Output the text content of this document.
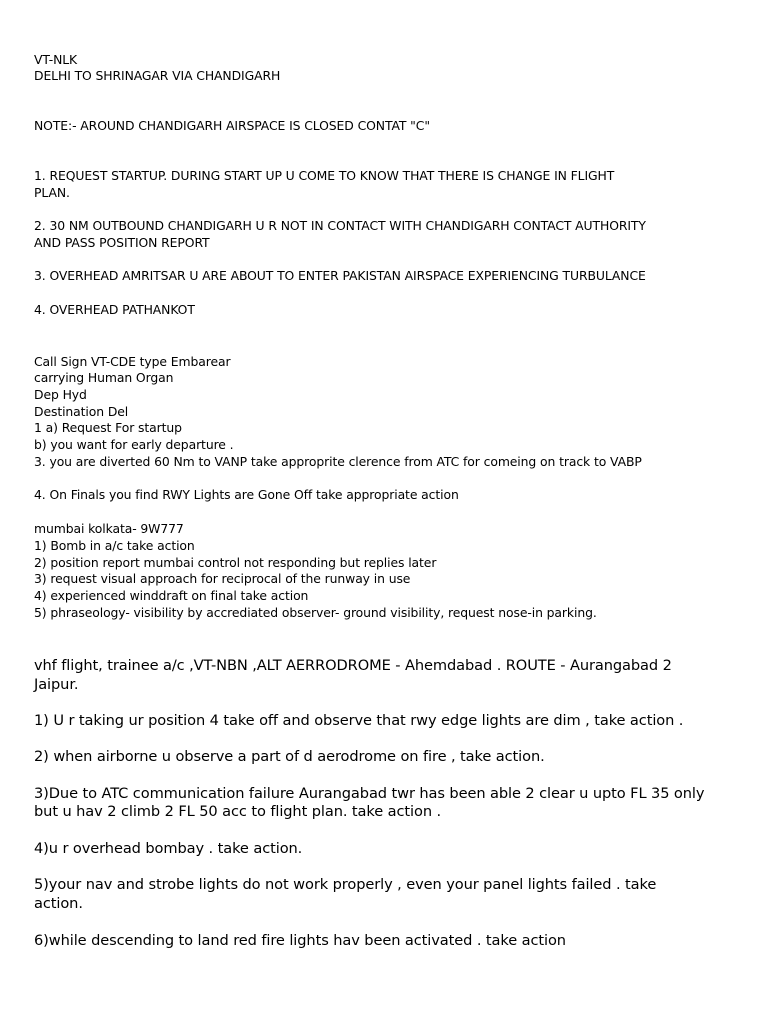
VT-NLK
DELHI TO SHRINAGAR VIA CHANDIGARH
NOTE:- AROUND CHANDIGARH AIRSPACE IS CLOSED CONTAT "C"
1. REQUEST STARTUP. DURING START UP U COME TO KNOW THAT THERE IS CHANGE IN FLIGHT
PLAN.
2. 30 NM OUTBOUND CHANDIGARH U R NOT IN CONTACT WITH CHANDIGARH CONTACT AUTHORITY
AND PASS POSITION REPORT
3. OVERHEAD AMRITSAR U ARE ABOUT TO ENTER PAKISTAN AIRSPACE EXPERIENCING TURBULANCE
4. OVERHEAD PATHANKOT
Call Sign VT-CDE type Embarear
carrying Human Organ
Dep Hyd
Destination Del
1 a) Request For startup
b) you want for early departure .
3. you are diverted 60 Nm to VANP take approprite clerence from ATC for comeing on track to VABP
4. On Finals you find RWY Lights are Gone Off take appropriate action
mumbai kolkata- 9W777
1) Bomb in a/c take action
2) position report mumbai control not responding but replies later
3) request visual approach for reciprocal of the runway in use
4) experienced winddraft on final take action
5) phraseology- visibility by accrediated observer- ground visibility, request nose-in parking.
vhf flight, trainee a/c ,VT-NBN ,ALT AERRODROME - Ahemdabad . ROUTE - Aurangabad 2
Jaipur.
1) U r taking ur position 4 take off and observe that rwy edge lights are dim , take action .
2) when airborne u observe a part of d aerodrome on fire , take action.
3)Due to ATC communication failure Aurangabad twr has been able 2 clear u upto FL 35 only
but u hav 2 climb 2 FL 50 acc to flight plan. take action .
4)u r overhead bombay . take action.
5)your nav and strobe lights do not work properly , even your panel lights failed . take
action.
6)while descending to land red fire lights hav been activated . take action
